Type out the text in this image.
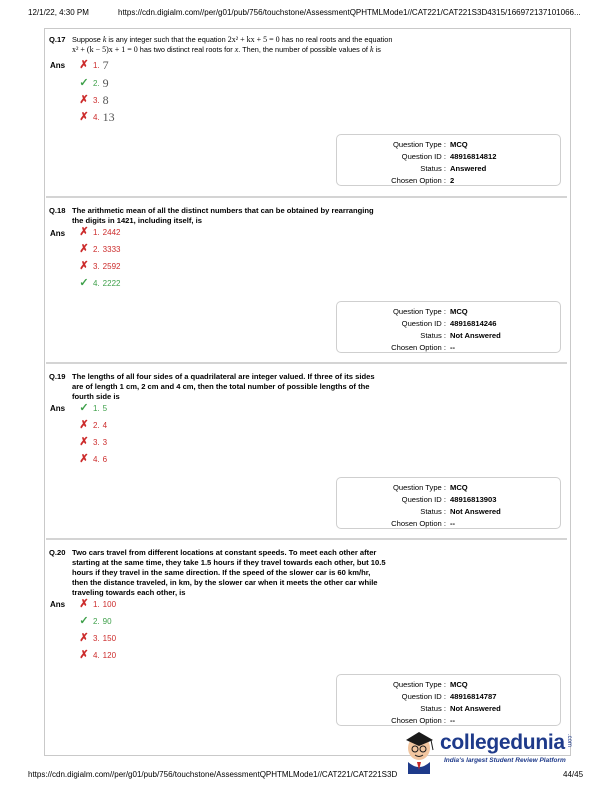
12/1/22, 4:30 PM	https://cdn.digialm.com//per/g01/pub/756/touchstone/AssessmentQPHTMLMode1//CAT221/CAT221S3D4315/166972137101066...
Q.17 Suppose k is any integer such that the equation 2x² + kx + 5 = 0 has no real roots and the equation
x² + (k − 5)x + 1 = 0 has two distinct real roots for x. Then, the number of possible values of k is
Ans ✗ 1. 7
✓ 2. 9
✗ 3. 8
✗ 4. 13
Question Type : MCQ
Question ID : 48916814812
Status : Answered
Chosen Option : 2
Q.18 The arithmetic mean of all the distinct numbers that can be obtained by rearranging
the digits in 1421, including itself, is
Ans ✗ 1. 2442
✗ 2. 3333
✗ 3. 2592
✓ 4. 2222
Question Type : MCQ
Question ID : 48916814246
Status : Not Answered
Chosen Option : --
Q.19 The lengths of all four sides of a quadrilateral are integer valued. If three of its sides
are of length 1 cm, 2 cm and 4 cm, then the total number of possible lengths of the
fourth side is
Ans ✓ 1. 5
✗ 2. 4
✗ 3. 3
✗ 4. 6
Question Type : MCQ
Question ID : 48916813903
Status : Not Answered
Chosen Option : --
Q.20 Two cars travel from different locations at constant speeds. To meet each other after
starting at the same time, they take 1.5 hours if they travel towards each other, but 10.5
hours if they travel in the same direction. If the speed of the slower car is 60 km/hr,
then the distance traveled, in km, by the slower car when it meets the other car while
traveling towards each other, is
Ans ✗ 1. 100
✓ 2. 90
✗ 3. 150
✗ 4. 120
Question Type : MCQ
Question ID : 48916814787
Status : Not Answered
Chosen Option : --
collegedunia .com
India's largest Student Review Platform
https://cdn.digialm.com//per/g01/pub/756/touchstone/AssessmentQPHTMLMode1//CAT221/CAT221S3D	44/45
